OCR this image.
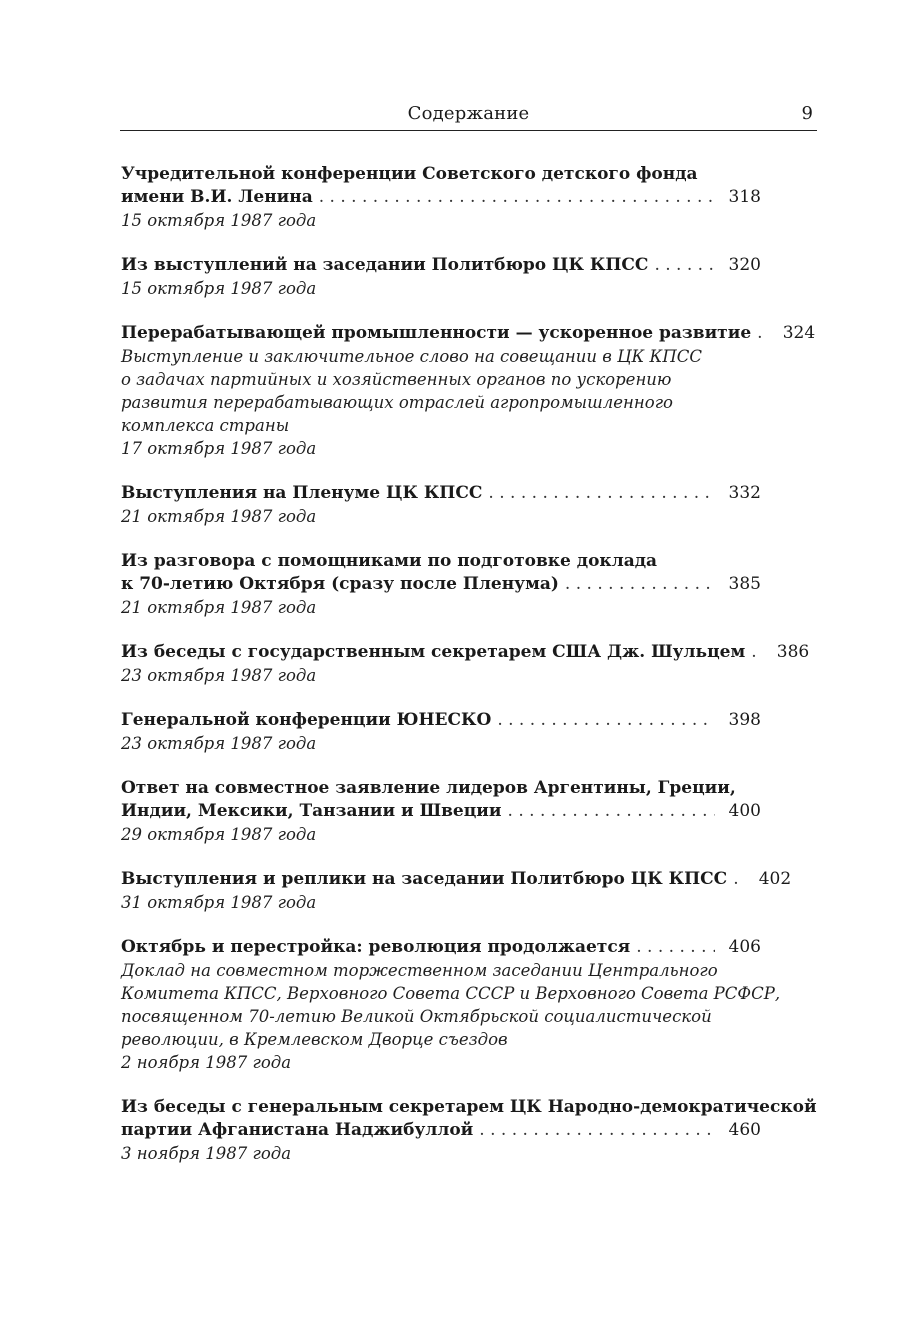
Содержание	9
Учредительной конференции Советского детского фонда
имени В.И. Ленина . . .	318
15 октября 1987 года
Из выступлений на заседании Политбюро ЦК КПСС . . .	320
15 октября 1987 года
Перерабатывающей промышленности — ускоренное развитие . . .	324
Выступление и заключительное слово на совещании в ЦК КПСС
о задачах партийных и хозяйственных органов по ускорению
развития перерабатывающих отраслей агропромышленного
комплекса страны
17 октября 1987 года
Выступления на Пленуме ЦК КПСС . . .	332
21 октября 1987 года
Из разговора с помощниками по подготовке доклада
к 70-летию Октября (сразу после Пленума) . . .	385
21 октября 1987 года
Из беседы с государственным секретарем США Дж. Шульцем . . .	386
23 октября 1987 года
Генеральной конференции ЮНЕСКО . . .	398
23 октября 1987 года
Ответ на совместное заявление лидеров Аргентины, Греции,
Индии, Мексики, Танзании и Швеции . . .	400
29 октября 1987 года
Выступления и реплики на заседании Политбюро ЦК КПСС . . .	402
31 октября 1987 года
Октябрь и перестройка: революция продолжается . . .	406
Доклад на совместном торжественном заседании Центрального
Комитета КПСС, Верховного Совета СССР и Верховного Совета РСФСР,
посвященном 70-летию Великой Октябрьской социалистической
революции, в Кремлевском Дворце съездов
2 ноября 1987 года
Из беседы с генеральным секретарем ЦК Народно-демократической
партии Афганистана Наджибуллой . . .	460
3 ноября 1987 года
